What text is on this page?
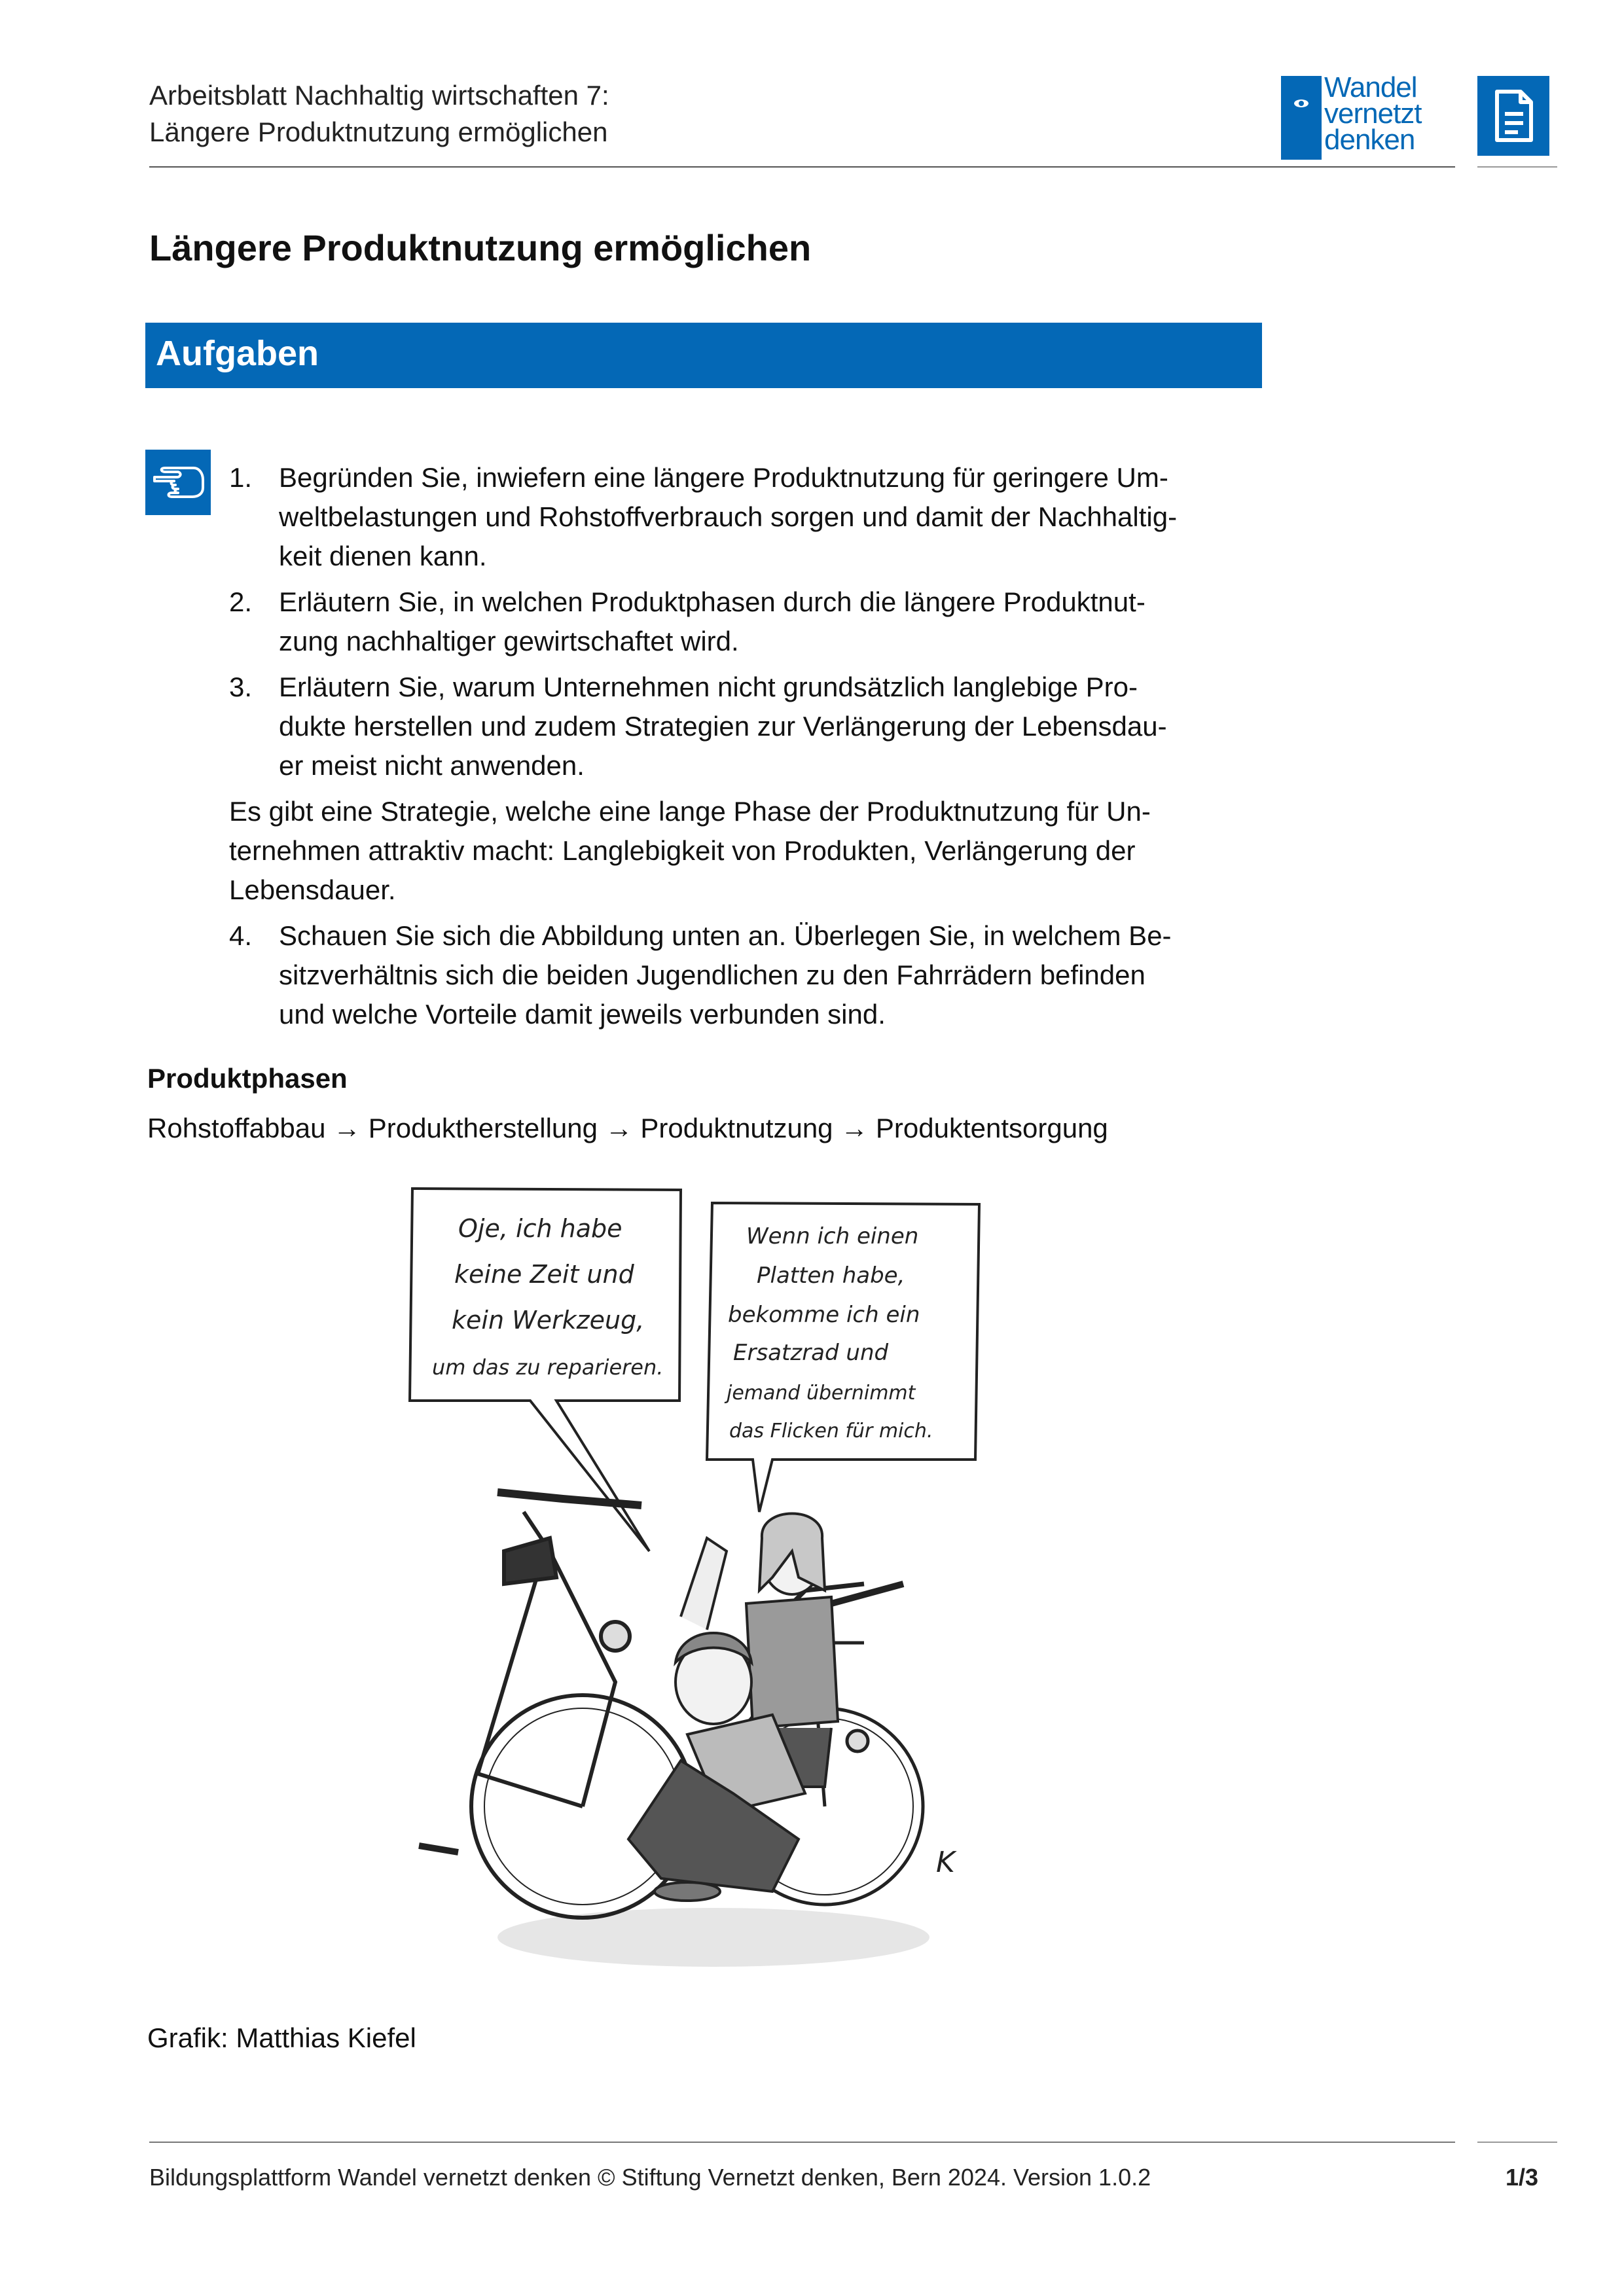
Arbeitsblatt Nachhaltig wirtschaften 7:
Längere Produktnutzung ermöglichen
Wandel
vernetzt
denken
Längere Produktnutzung ermöglichen
Aufgaben
1. Begründen Sie, inwiefern eine längere Produktnutzung für geringere Um-
weltbelastungen und Rohstoffverbrauch sorgen und damit der Nachhaltig-
keit dienen kann.
2. Erläutern Sie, in welchen Produktphasen durch die längere Produktnut-
zung nachhaltiger gewirtschaftet wird.
3. Erläutern Sie, warum Unternehmen nicht grundsätzlich langlebige Pro-
dukte herstellen und zudem Strategien zur Verlängerung der Lebensdau-
er meist nicht anwenden.
Es gibt eine Strategie, welche eine lange Phase der Produktnutzung für Un-
ternehmen attraktiv macht: Langlebigkeit von Produkten, Verlängerung der
Lebensdauer.
4. Schauen Sie sich die Abbildung unten an. Überlegen Sie, in welchem Be-
sitzverhältnis sich die beiden Jugendlichen zu den Fahrrädern befinden
und welche Vorteile damit jeweils verbunden sind.
Produktphasen
Rohstoffabbau → Produktherstellung → Produktnutzung → Produktentsorgung
Oje, ich habe
keine Zeit und
kein Werkzeug,
um das zu reparieren.
Wenn ich einen
Platten habe,
bekomme ich ein
Ersatzrad und
jemand übernimmt
das Flicken für mich.
K
Grafik: Matthias Kiefel
Bildungsplattform Wandel vernetzt denken © Stiftung Vernetzt denken, Bern 2024. Version 1.0.2	1/3
